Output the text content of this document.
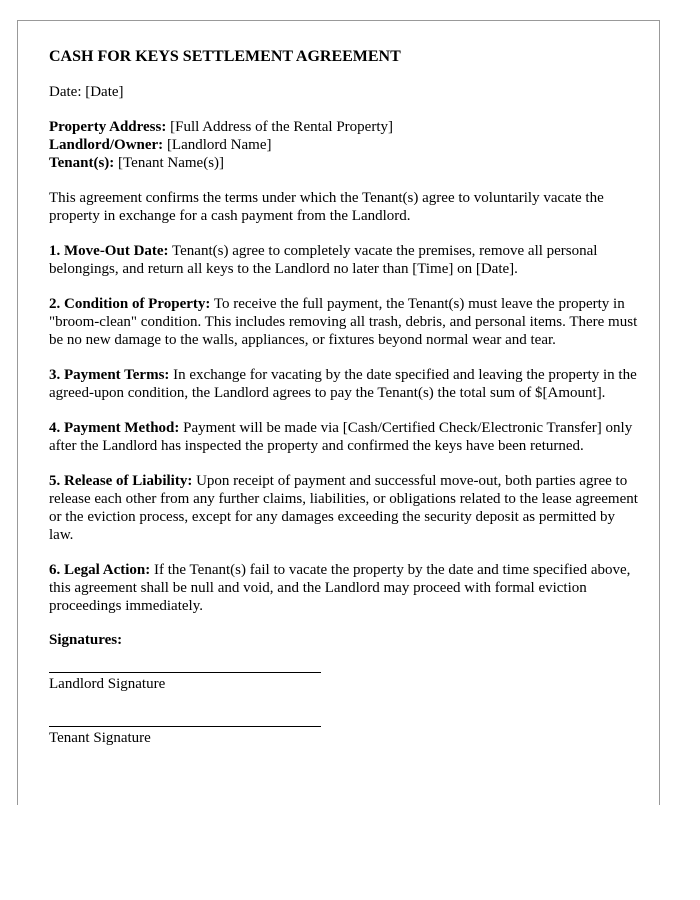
CASH FOR KEYS SETTLEMENT AGREEMENT
Date: [Date]
Property Address: [Full Address of the Rental Property]
Landlord/Owner: [Landlord Name]
Tenant(s): [Tenant Name(s)]

This agreement confirms the terms under which the Tenant(s) agree to voluntarily vacate the property in exchange for a cash payment from the Landlord.

1. Move-Out Date: Tenant(s) agree to completely vacate the premises, remove all personal belongings, and return all keys to the Landlord no later than [Time] on [Date].

2. Condition of Property: To receive the full payment, the Tenant(s) must leave the property in "broom-clean" condition. This includes removing all trash, debris, and personal items. There must be no new damage to the walls, appliances, or fixtures beyond normal wear and tear.

3. Payment Terms: In exchange for vacating by the date specified and leaving the property in the agreed-upon condition, the Landlord agrees to pay the Tenant(s) the total sum of $[Amount].

4. Payment Method: Payment will be made via [Cash/Certified Check/Electronic Transfer] only after the Landlord has inspected the property and confirmed the keys have been returned.

5. Release of Liability: Upon receipt of payment and successful move-out, both parties agree to release each other from any further claims, liabilities, or obligations related to the lease agreement or the eviction process, except for any damages exceeding the security deposit as permitted by law.

6. Legal Action: If the Tenant(s) fail to vacate the property by the date and time specified above, this agreement shall be null and void, and the Landlord may proceed with formal eviction proceedings immediately.

Signatures:
Landlord Signature
Tenant Signature
